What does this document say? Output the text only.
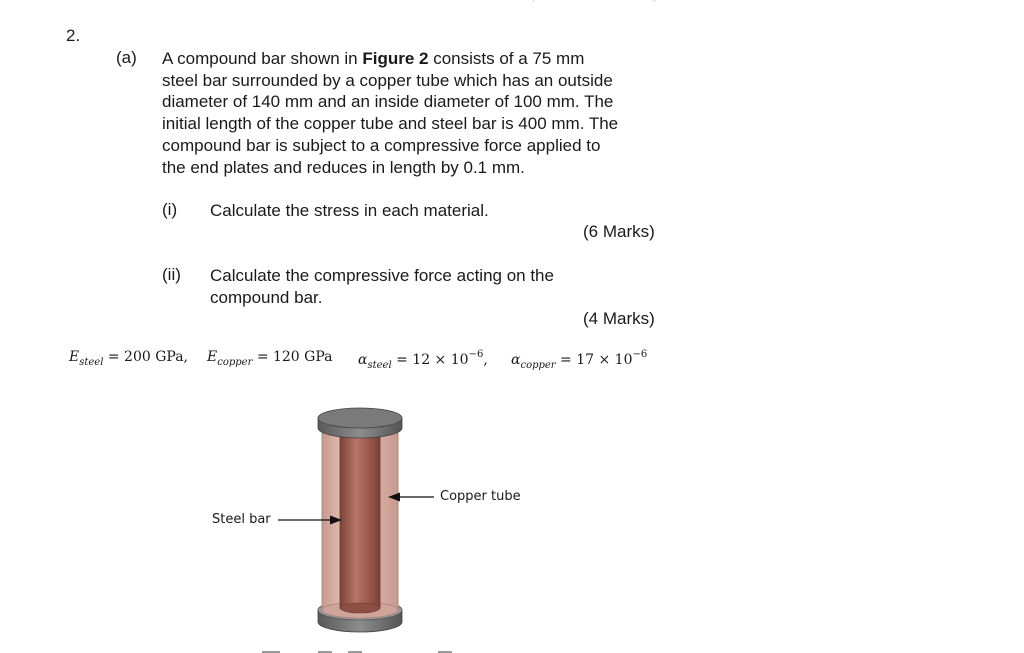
2.
(a) A compound bar shown in Figure 2 consists of a 75 mm
steel bar surrounded by a copper tube which has an outside
diameter of 140 mm and an inside diameter of 100 mm. The
initial length of the copper tube and steel bar is 400 mm. The
compound bar is subject to a compressive force applied to
the end plates and reduces in length by 0.1 mm.
(i) Calculate the stress in each material.
(6 Marks)
(ii) Calculate the compressive force acting on the
compound bar.
(4 Marks)
$E_{steel} = 200$ GPa, $E_{copper} = 120$ GPa $\alpha_{steel} = 12 \times 10^{-6}$, $\alpha_{copper} = 17 \times 10^{-6}$
Copper tube
Steel bar
